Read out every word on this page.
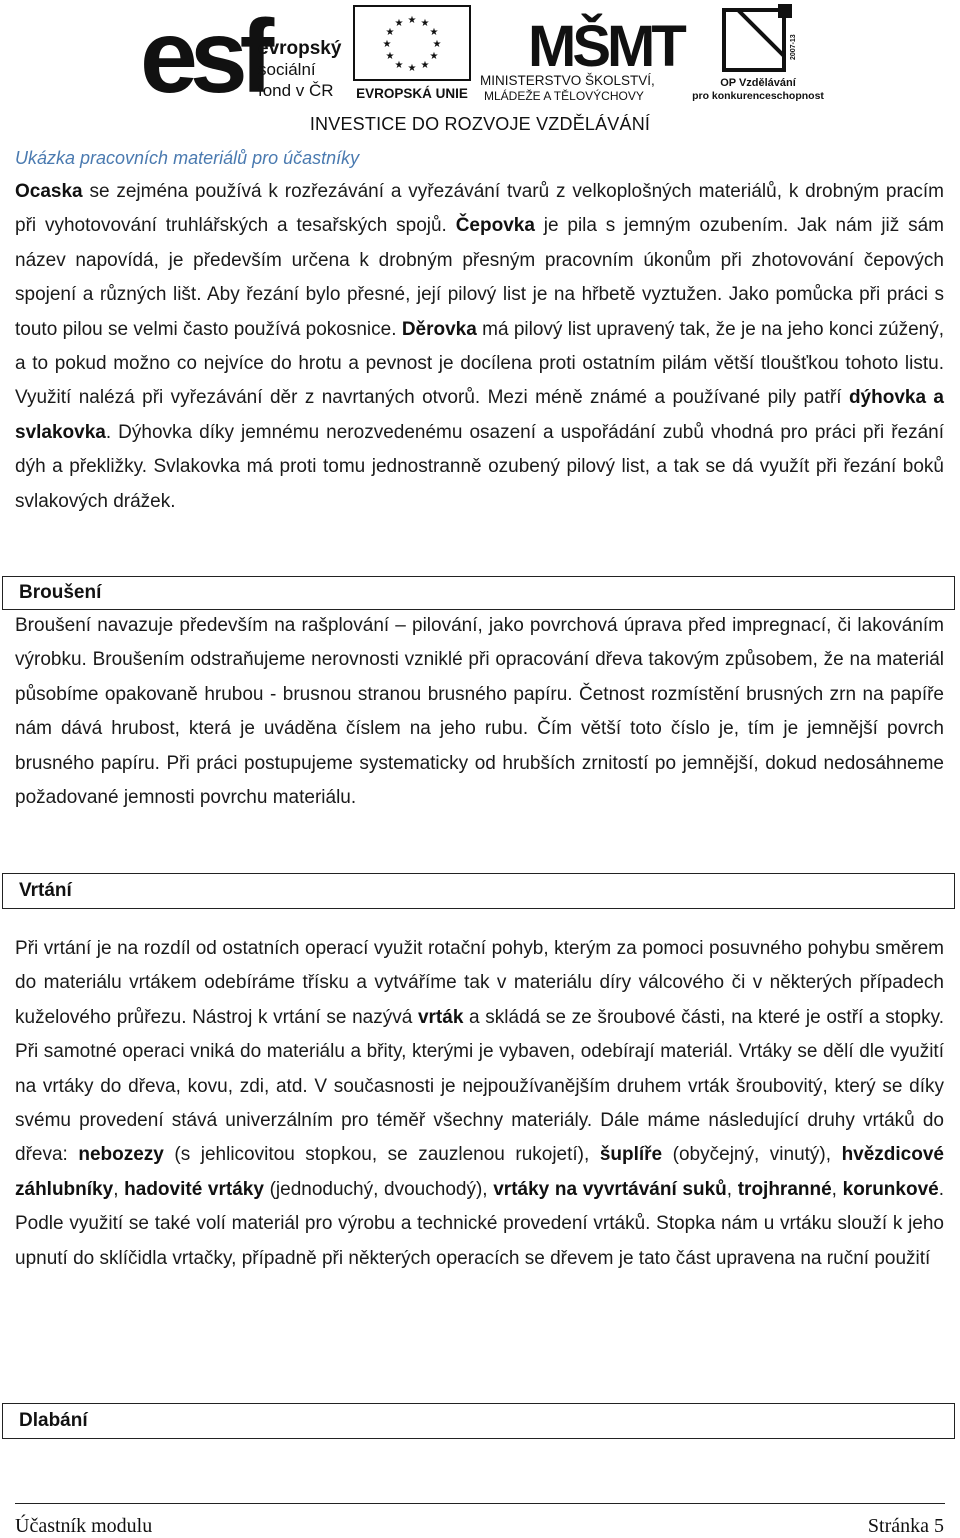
esf
evropský
sociální
fond v ČR
★ ★
★
★
★
★
★
★
★
★
★
★
EVROPSKÁ UNIE
MŠMT
MINISTERSTVO ŠKOLSTVÍ,
MLÁDEŽE A TĚLOVÝCHOVY
2007-13
OP Vzdělávání
pro konkurenceschopnost
INVESTICE DO ROZVOJE VZDĚLÁVÁNÍ
Ukázka pracovních materiálů pro účastníky

Ocaska se zejména používá k rozřezávání a vyřezávání tvarů z velkoplošných materiálů, k drobným pracím při vyhotovování truhlářských a tesařských spojů. Čepovka je pila s jemným ozubením. Jak nám již sám název napovídá, je především určena k drobným přesným pracovním úkonům při zhotovování čepových spojení a různých lišt. Aby řezání bylo přesné, její pilový list je na hřbetě vyztužen. Jako pomůcka při práci s touto pilou se velmi často používá pokosnice. Děrovka má pilový list upravený tak, že je na jeho konci zúžený, a to pokud možno co nejvíce do hrotu a pevnost je docílena proti ostatním pilám větší tloušťkou tohoto listu. Využití nalézá při vyřezávání děr z navrtaných otvorů. Mezi méně známé a používané pily patří dýhovka a svlakovka. Dýhovka díky jemnému nerozvedenému osazení a uspořádání zubů vhodná pro práci při řezání dýh a překližky. Svlakovka má proti tomu jednostranně ozubený pilový list, a tak se dá využít při řezání boků svlakových drážek.

Broušení

Broušení navazuje především na rašplování – pilování, jako povrchová úprava před impregnací, či lakováním výrobku. Broušením odstraňujeme nerovnosti vzniklé při opracování dřeva takovým způsobem, že na materiál působíme opakovaně hrubou - brusnou stranou brusného papíru. Četnost rozmístění brusných zrn na papíře nám dává hrubost, která je uváděna číslem na jeho rubu. Čím větší toto číslo je, tím je jemnější povrch brusného papíru. Při práci postupujeme systematicky od hrubších zrnitostí po jemnější, dokud nedosáhneme požadované jemnosti povrchu materiálu.

Vrtání

Při vrtání je na rozdíl od ostatních operací využit rotační pohyb, kterým za pomoci posuvného pohybu směrem do materiálu vrtákem odebíráme třísku a vytváříme tak v materiálu díry válcového či v některých případech kuželového průřezu. Nástroj k vrtání se nazývá vrták a skládá se ze šroubové části, na které je ostří a stopky. Při samotné operaci vniká do materiálu a břity, kterými je vybaven, odebírají materiál. Vrtáky se dělí dle využití na vrtáky do dřeva, kovu, zdi, atd. V současnosti je nejpoužívanějším druhem vrták šroubovitý, který se díky svému provedení stává univerzálním pro téměř všechny materiály. Dále máme následující druhy vrtáků do dřeva: nebozezy (s jehlicovitou stopkou, se zauzlenou rukojetí), šuplíře (obyčejný, vinutý), hvězdicové záhlubníky, hadovité vrtáky (jednoduchý, dvouchodý), vrtáky na vyvrtávání suků, trojhranné, korunkové. Podle využití se také volí materiál pro výrobu a technické provedení vrtáků. Stopka nám u vrtáku slouží k jeho upnutí do sklíčidla vrtačky, případně při některých operacích se dřevem je tato část upravena na ruční použití

Dlabání
Účastník modulu	Stránka 5
